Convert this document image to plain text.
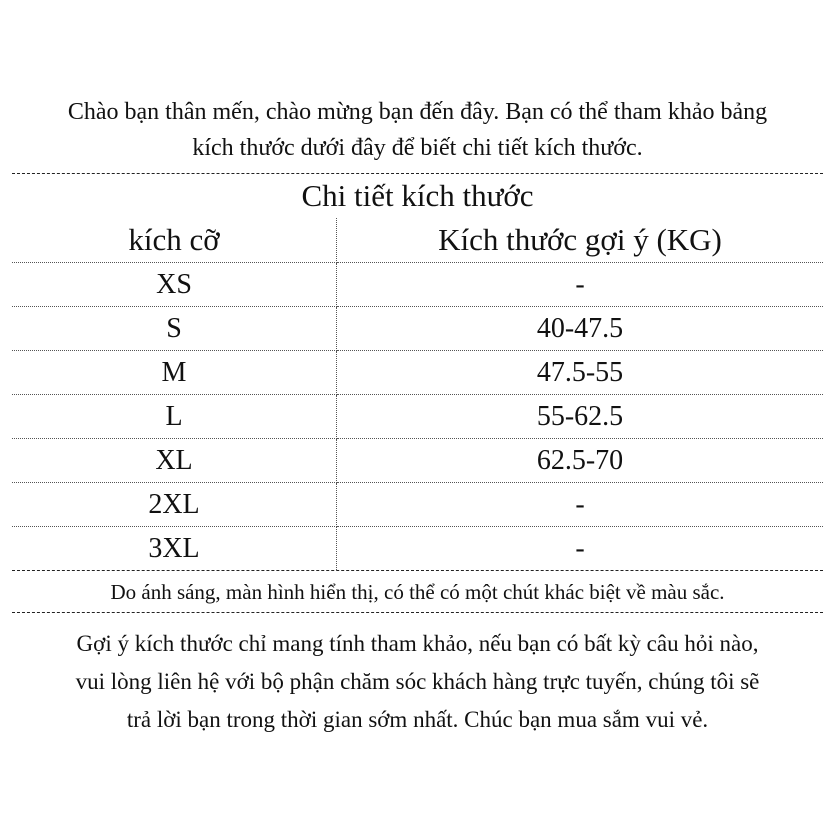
Chào bạn thân mến, chào mừng bạn đến đây. Bạn có thể tham khảo bảng
kích thước dưới đây để biết chi tiết kích thước.
Chi tiết kích thước
kích cỡ	Kích thước gợi ý (KG)
XS	-
S	40-47.5
M	47.5-55
L	55-62.5
XL	62.5-70
2XL	-
3XL	-
Do ánh sáng, màn hình hiển thị, có thể có một chút khác biệt về màu sắc.
Gợi ý kích thước chỉ mang tính tham khảo, nếu bạn có bất kỳ câu hỏi nào,
vui lòng liên hệ với bộ phận chăm sóc khách hàng trực tuyến, chúng tôi sẽ
trả lời bạn trong thời gian sớm nhất. Chúc bạn mua sắm vui vẻ.
